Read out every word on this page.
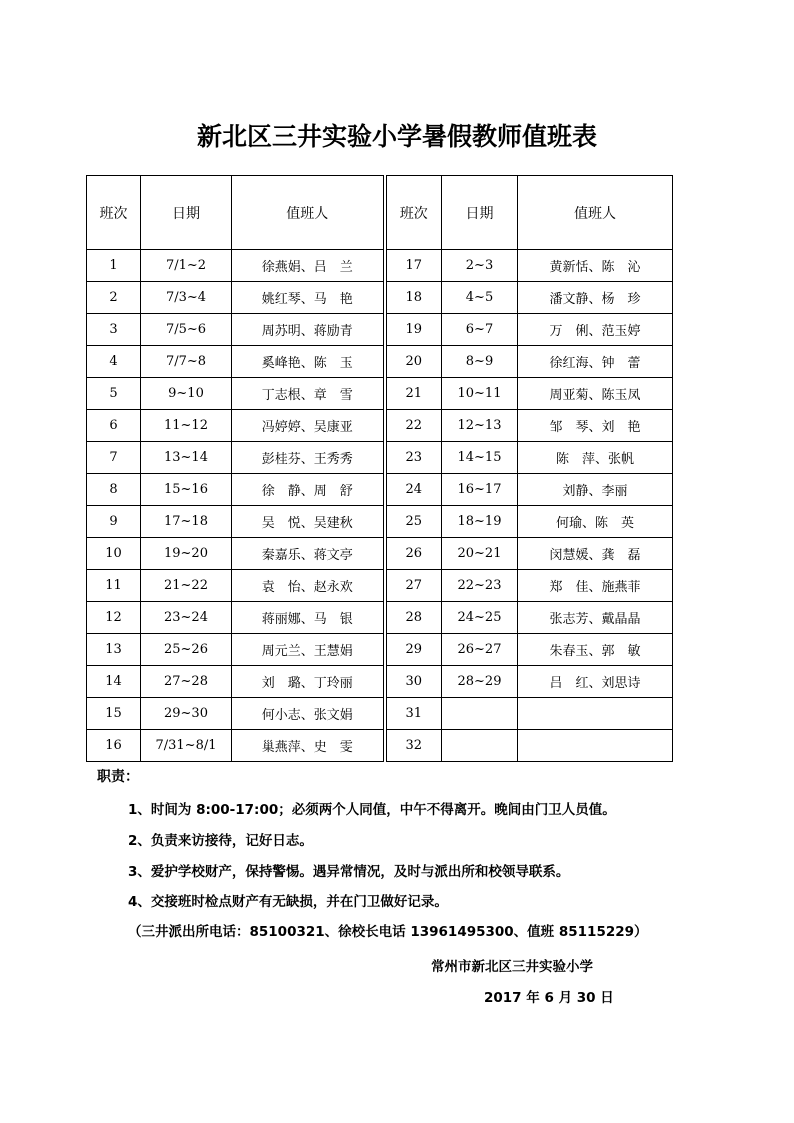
新北区三井实验小学暑假教师值班表
班次	日期	值班人	班次	日期	值班人
1	7/1~2	徐燕娟、吕　兰	17	2~3	黄新恬、陈　沁
2	7/3~4	姚红琴、马　艳	18	4~5	潘文静、杨　珍
3	7/5~6	周苏明、蒋励青	19	6~7	万　俐、范玉婷
4	7/7~8	奚峰艳、陈　玉	20	8~9	徐红海、钟　蕾
5	9~10	丁志根、章　雪	21	10~11	周亚菊、陈玉凤
6	11~12	冯婷婷、吴康亚	22	12~13	邹　琴、刘　艳
7	13~14	彭桂芬、王秀秀	23	14~15	陈　萍、张帆
8	15~16	徐　静、周　舒	24	16~17	刘静、李丽
9	17~18	吴　悦、吴建秋	25	18~19	何瑜、陈　英
10	19~20	秦嘉乐、蒋文亭	26	20~21	闵慧媛、龚　磊
11	21~22	袁　怡、赵永欢	27	22~23	郑　佳、施燕菲
12	23~24	蒋丽娜、马　银	28	24~25	张志芳、戴晶晶
13	25~26	周元兰、王慧娟	29	26~27	朱春玉、郭　敏
14	27~28	刘　璐、丁玲丽	30	28~29	吕　红、刘思诗
15	29~30	何小志、张文娟	31		
16	7/31~8/1	巢燕萍、史　雯	32		
职责：
1、时间为 8:00-17:00；必须两个人同值，中午不得离开。晚间由门卫人员值。
2、负责来访接待，记好日志。
3、爱护学校财产，保持警惕。遇异常情况，及时与派出所和校领导联系。
4、交接班时检点财产有无缺损，并在门卫做好记录。
（三井派出所电话：85100321、徐校长电话 13961495300、值班 85115229）
常州市新北区三井实验小学
2017 年 6 月 30 日
